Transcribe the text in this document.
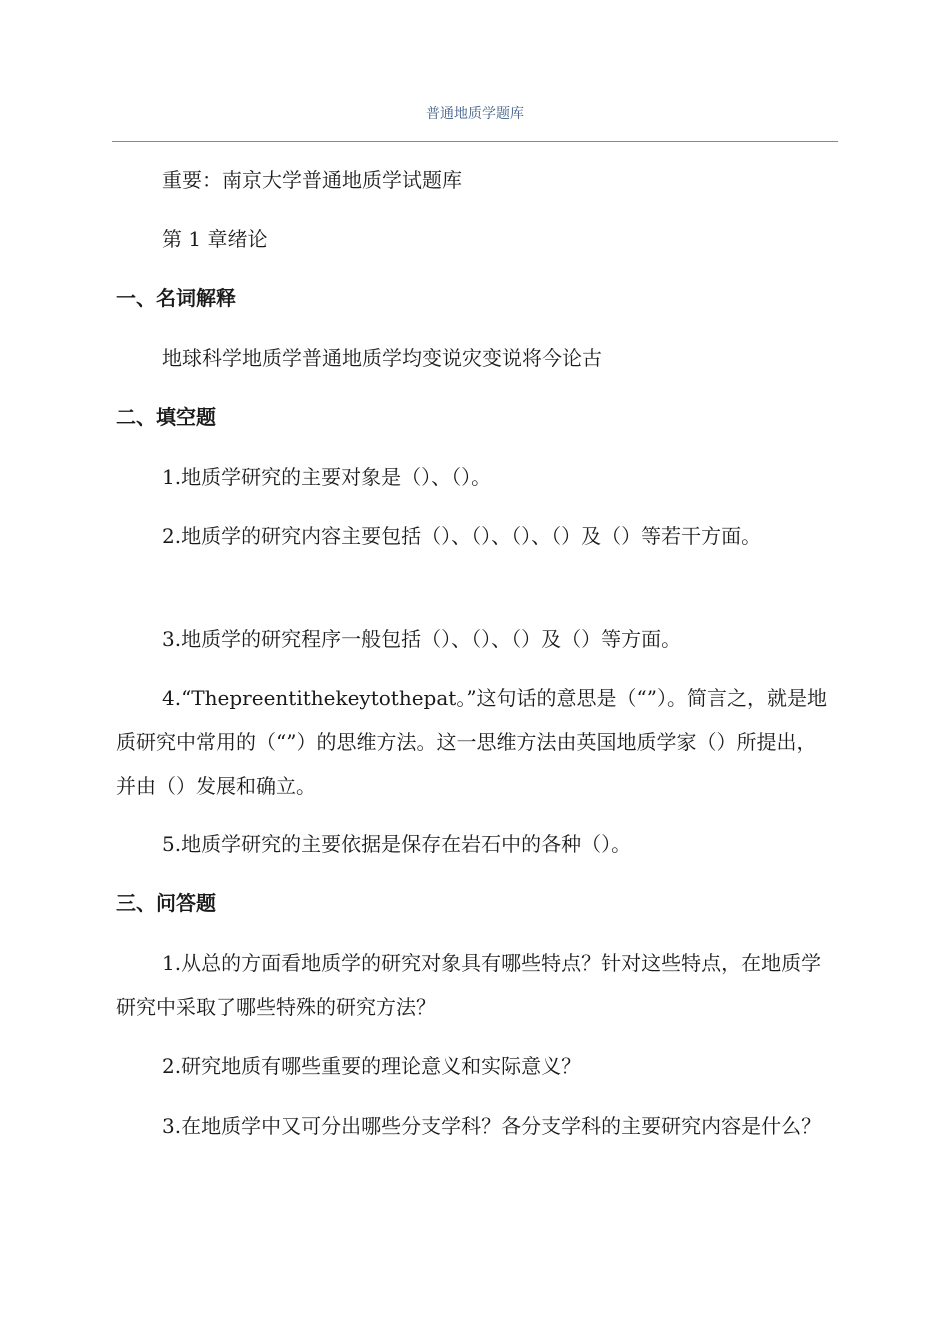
普通地质学题库

重要：南京大学普通地质学试题库

第 1 章绪论

一、名词解释

地球科学地质学普通地质学均变说灾变说将今论古

二、填空题

1.地质学研究的主要对象是（）、（）。

2.地质学的研究内容主要包括（）、（）、（）、（）及（）等若干方面。

3.地质学的研究程序一般包括（）、（）、（）及（）等方面。

4.“Thepreentithekeytothepat。”这句话的意思是（“”）。简言之，就是地质研究中常用的（“”）的思维方法。这一思维方法由英国地质学家（）所提出，并由（）发展和确立。

5.地质学研究的主要依据是保存在岩石中的各种（）。

三、问答题

1.从总的方面看地质学的研究对象具有哪些特点？针对这些特点，在地质学研究中采取了哪些特殊的研究方法？

2.研究地质有哪些重要的理论意义和实际意义？

3.在地质学中又可分出哪些分支学科？各分支学科的主要研究内容是什么？
